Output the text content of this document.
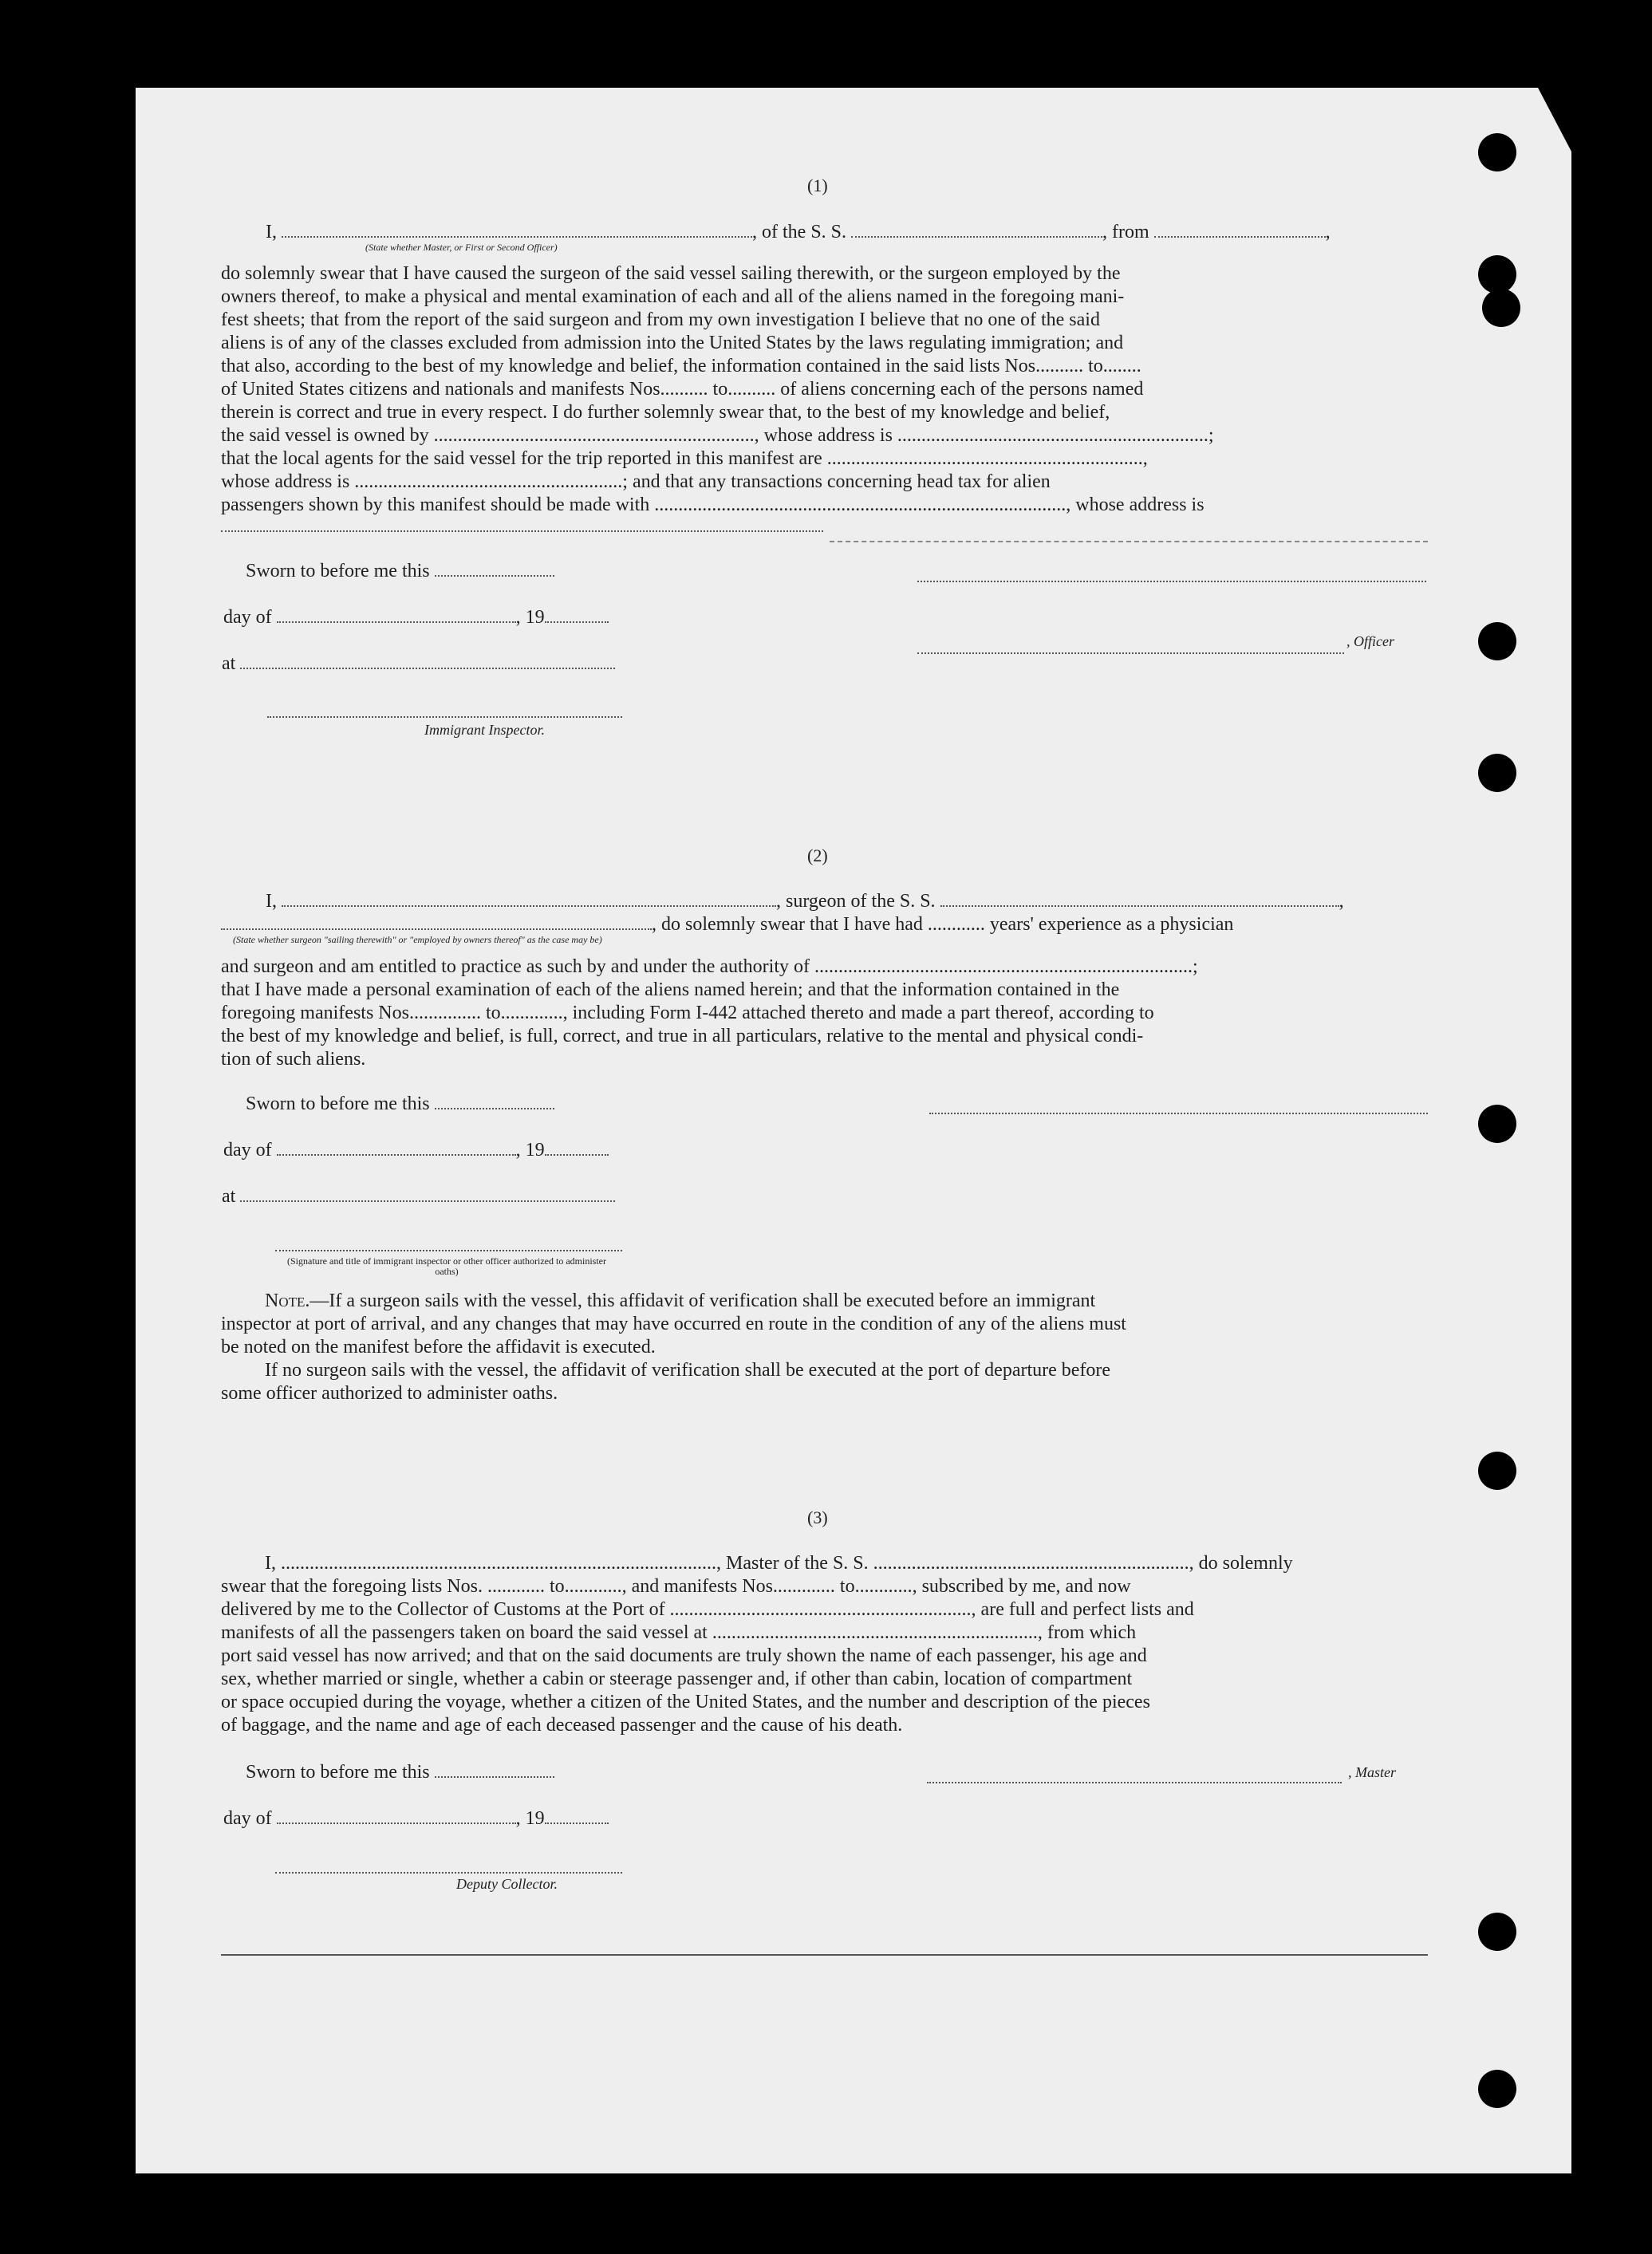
(1)
I,	, of the S. S.	, from	,
(State whether Master, or First or Second Officer)
do solemnly swear that I have caused the surgeon of the said vessel sailing therewith, or the surgeon employed by the
owners thereof, to make a physical and mental examination of each and all of the aliens named in the foregoing mani-
fest sheets; that from the report of the said surgeon and from my own investigation I believe that no one of the said
aliens is of any of the classes excluded from admission into the United States by the laws regulating immigration; and
that also, according to the best of my knowledge and belief, the information contained in the said lists Nos.......... to........
of United States citizens and nationals and manifests Nos.......... to.......... of aliens concerning each of the persons named
therein is correct and true in every respect. I do further solemnly swear that, to the best of my knowledge and belief,
the said vessel is owned by ..................................................................., whose address is .................................................................;
that the local agents for the said vessel for the trip reported in this manifest are ..................................................................,
whose address is ........................................................; and that any transactions concerning head tax for alien
passengers shown by this manifest should be made with ......................................................................................, whose address is
Sworn to before me this
day of	, 19
at
, Officer
Immigrant Inspector.
(2)
I,	, surgeon of the S. S.	,
, do solemnly swear that I have had ............ years' experience as a physician
(State whether surgeon "sailing therewith" or "employed by owners thereof" as the case may be)
and surgeon and am entitled to practice as such by and under the authority of ...............................................................................;
that I have made a personal examination of each of the aliens named herein; and that the information contained in the
foregoing manifests Nos............... to............., including Form I-442 attached thereto and made a part thereof, according to
the best of my knowledge and belief, is full, correct, and true in all particulars, relative to the mental and physical condi-
tion of such aliens.
Sworn to before me this
day of	, 19
at
(Signature and title of immigrant inspector or other officer authorized to administer oaths)
Note.—If a surgeon sails with the vessel, this affidavit of verification shall be executed before an immigrant
inspector at port of arrival, and any changes that may have occurred en route in the condition of any of the aliens must
be noted on the manifest before the affidavit is executed.
If no surgeon sails with the vessel, the affidavit of verification shall be executed at the port of departure before
some officer authorized to administer oaths.
(3)
I, ..........................................................................................., Master of the S. S. .................................................................., do solemnly
swear that the foregoing lists Nos. ............ to............, and manifests Nos............. to............, subscribed by me, and now
delivered by me to the Collector of Customs at the Port of ..............................................................., are full and perfect lists and
manifests of all the passengers taken on board the said vessel at ...................................................................., from which
port said vessel has now arrived; and that on the said documents are truly shown the name of each passenger, his age and
sex, whether married or single, whether a cabin or steerage passenger and, if other than cabin, location of compartment
or space occupied during the voyage, whether a citizen of the United States, and the number and description of the pieces
of baggage, and the name and age of each deceased passenger and the cause of his death.
Sworn to before me this	, Master
day of	, 19
Deputy Collector.
